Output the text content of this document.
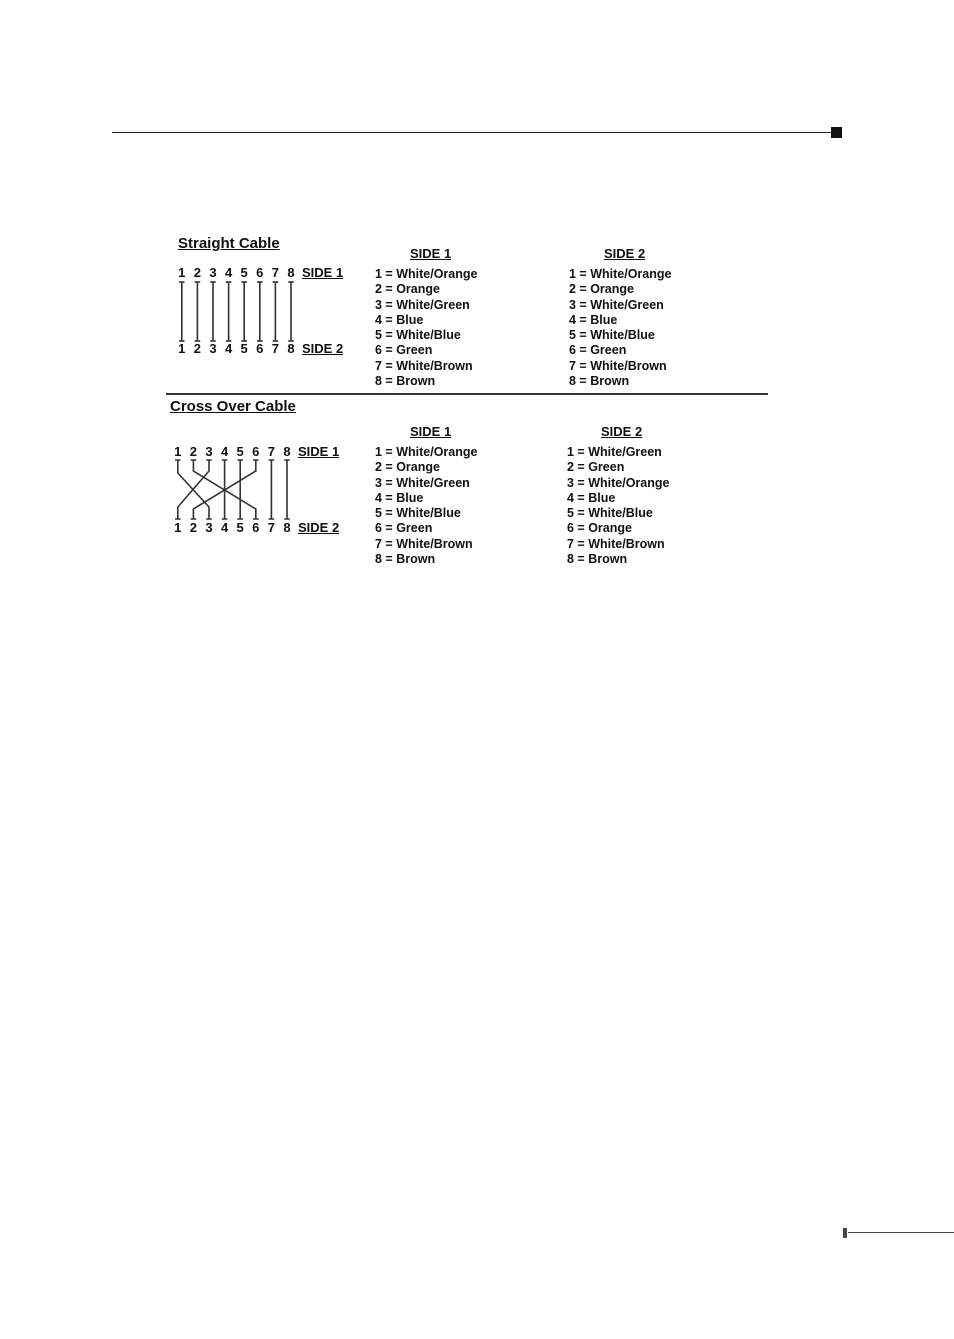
Straight Cable
1 2 3 4 5 6 7 8 SIDE 1
1 2 3 4 5 6 7 8 SIDE 2
SIDE 1	SIDE 2
1 = White/Orange
2 = Orange
3 = White/Green
4 = Blue
5 = White/Blue
6 = Green
7 = White/Brown
8 = Brown
1 = White/Orange
2 = Orange
3 = White/Green
4 = Blue
5 = White/Blue
6 = Green
7 = White/Brown
8 = Brown
Cross Over Cable
1 2 3 4 5 6 7 8 SIDE 1
1 2 3 4 5 6 7 8 SIDE 2
SIDE 1	SIDE 2
1 = White/Orange
2 = Orange
3 = White/Green
4 = Blue
5 = White/Blue
6 = Green
7 = White/Brown
8 = Brown
1 = White/Green
2 = Green
3 = White/Orange
4 = Blue
5 = White/Blue
6 = Orange
7 = White/Brown
8 = Brown
